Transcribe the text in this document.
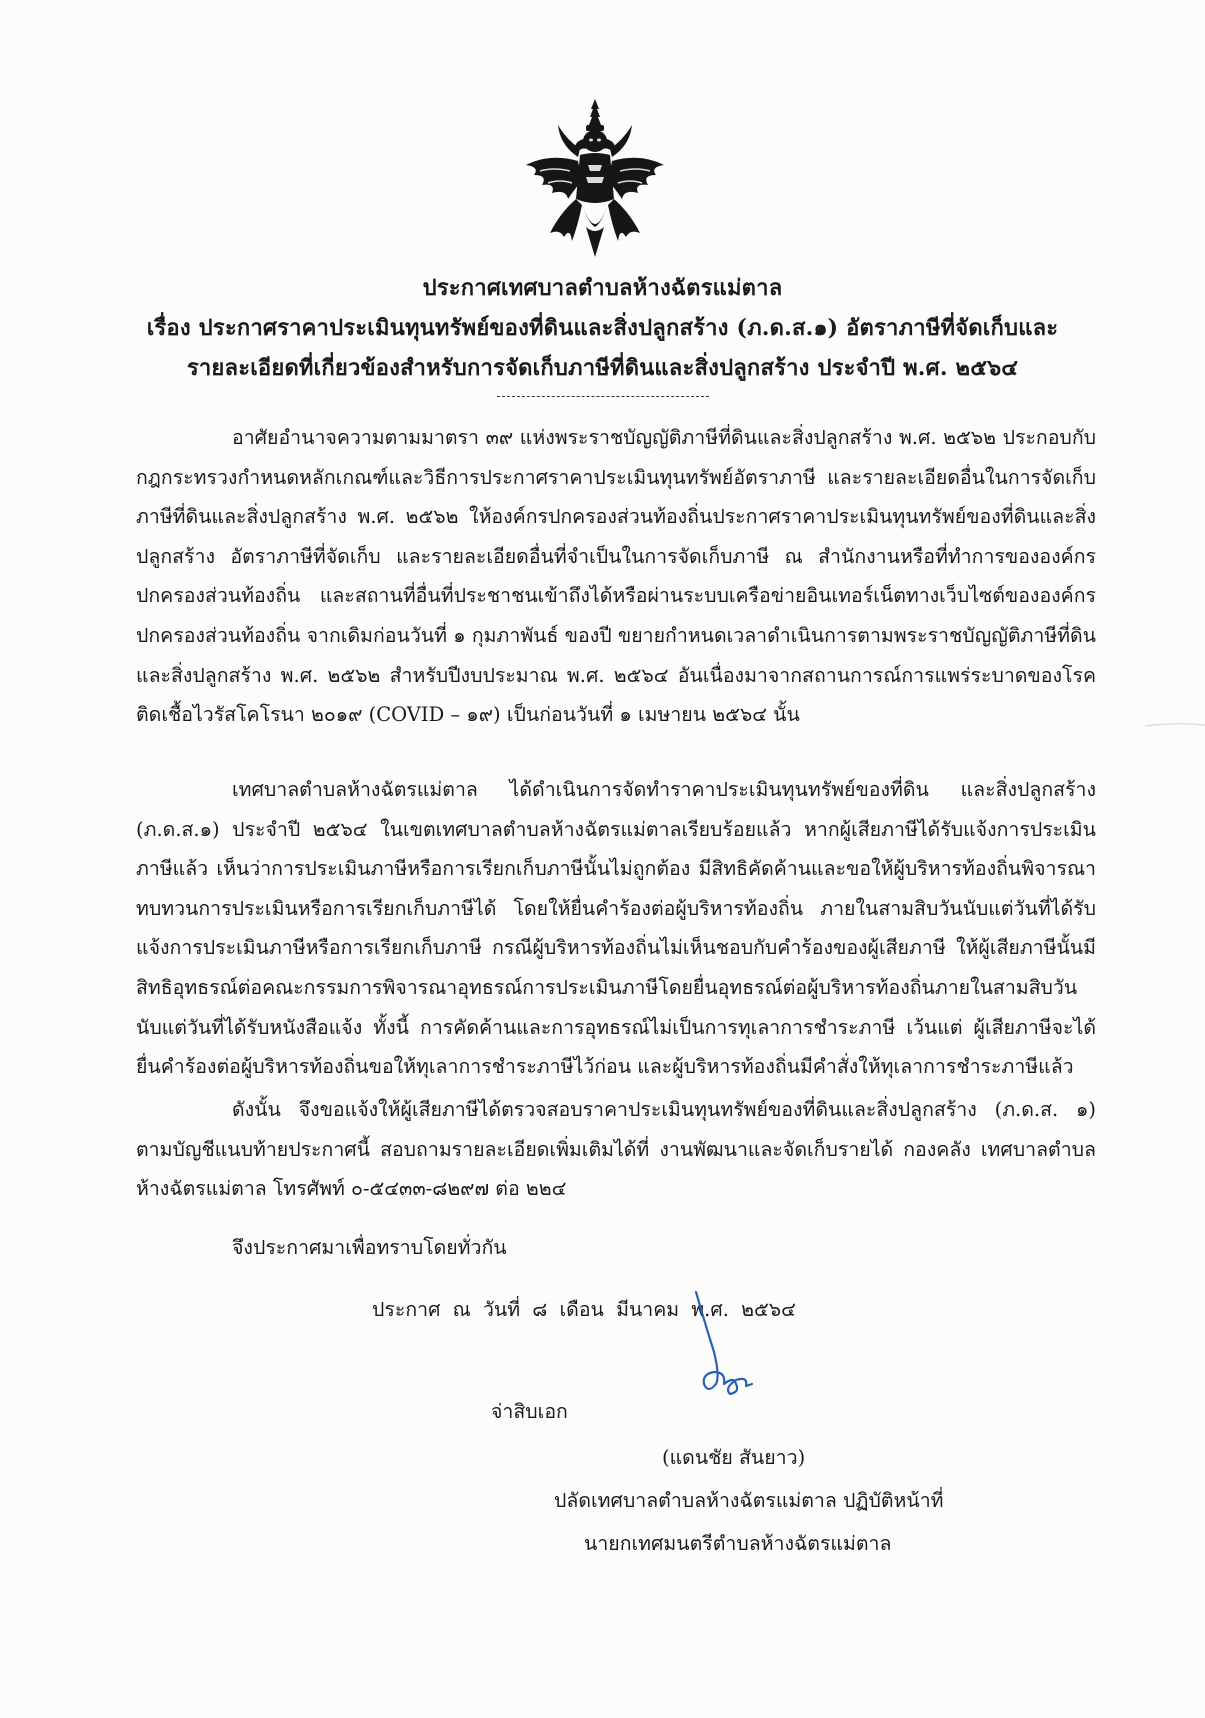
ประกาศเทศบาลตำบลห้างฉัตรแม่ตาล
เรื่อง ประกาศราคาประเมินทุนทรัพย์ของที่ดินและสิ่งปลูกสร้าง (ภ.ด.ส.๑) อัตราภาษีที่จัดเก็บและ
รายละเอียดที่เกี่ยวข้องสำหรับการจัดเก็บภาษีที่ดินและสิ่งปลูกสร้าง ประจำปี พ.ศ. ๒๕๖๔

อาศัยอำนาจความตามมาตรา ๓๙ แห่งพระราชบัญญัติภาษีที่ดินและสิ่งปลูกสร้าง พ.ศ. ๒๕๖๒ ประกอบกับกฎกระทรวงกำหนดหลักเกณฑ์และวิธีการประกาศราคาประเมินทุนทรัพย์อัตราภาษี และรายละเอียดอื่นในการจัดเก็บภาษีที่ดินและสิ่งปลูกสร้าง พ.ศ. ๒๕๖๒ ให้องค์กรปกครองส่วนท้องถิ่นประกาศราคาประเมินทุนทรัพย์ของที่ดินและสิ่งปลูกสร้าง อัตราภาษีที่จัดเก็บ และรายละเอียดอื่นที่จำเป็นในการจัดเก็บภาษี ณ สำนักงานหรือที่ทำการขององค์กรปกครองส่วนท้องถิ่น และสถานที่อื่นที่ประชาชนเข้าถึงได้หรือผ่านระบบเครือข่ายอินเทอร์เน็ตทางเว็บไซต์ขององค์กรปกครองส่วนท้องถิ่น จากเดิมก่อนวันที่ ๑ กุมภาพันธ์ ของปี ขยายกำหนดเวลาดำเนินการตามพระราชบัญญัติภาษีที่ดินและสิ่งปลูกสร้าง พ.ศ. ๒๕๖๒ สำหรับปีงบประมาณ พ.ศ. ๒๕๖๔ อันเนื่องมาจากสถานการณ์การแพร่ระบาดของโรคติดเชื้อไวรัสโคโรนา ๒๐๑๙ (COVID – ๑๙) เป็นก่อนวันที่ ๑ เมษายน ๒๕๖๔ นั้น

เทศบาลตำบลห้างฉัตรแม่ตาล ได้ดำเนินการจัดทำราคาประเมินทุนทรัพย์ของที่ดิน และสิ่งปลูกสร้าง (ภ.ด.ส.๑) ประจำปี ๒๕๖๔ ในเขตเทศบาลตำบลห้างฉัตรแม่ตาลเรียบร้อยแล้ว หากผู้เสียภาษีได้รับแจ้งการประเมินภาษีแล้ว เห็นว่าการประเมินภาษีหรือการเรียกเก็บภาษีนั้นไม่ถูกต้อง มีสิทธิคัดค้านและขอให้ผู้บริหารท้องถิ่นพิจารณาทบทวนการประเมินหรือการเรียกเก็บภาษีได้ โดยให้ยื่นคำร้องต่อผู้บริหารท้องถิ่น ภายในสามสิบวันนับแต่วันที่ได้รับแจ้งการประเมินภาษีหรือการเรียกเก็บภาษี กรณีผู้บริหารท้องถิ่นไม่เห็นชอบกับคำร้องของผู้เสียภาษี ให้ผู้เสียภาษีนั้นมีสิทธิอุทธรณ์ต่อคณะกรรมการพิจารณาอุทธรณ์การประเมินภาษีโดยยื่นอุทธรณ์ต่อผู้บริหารท้องถิ่นภายในสามสิบวัน นับแต่วันที่ได้รับหนังสือแจ้ง ทั้งนี้ การคัดค้านและการอุทธรณ์ไม่เป็นการทุเลาการชำระภาษี เว้นแต่ ผู้เสียภาษีจะได้ยื่นคำร้องต่อผู้บริหารท้องถิ่นขอให้ทุเลาการชำระภาษีไว้ก่อน และผู้บริหารท้องถิ่นมีคำสั่งให้ทุเลาการชำระภาษีแล้ว

ดังนั้น จึงขอแจ้งให้ผู้เสียภาษีได้ตรวจสอบราคาประเมินทุนทรัพย์ของที่ดินและสิ่งปลูกสร้าง (ภ.ด.ส. ๑) ตามบัญชีแนบท้ายประกาศนี้ สอบถามรายละเอียดเพิ่มเติมได้ที่ งานพัฒนาและจัดเก็บรายได้ กองคลัง เทศบาลตำบลห้างฉัตรแม่ตาล โทรศัพท์ ๐-๕๔๓๓-๘๒๙๗ ต่อ ๒๒๔

จึงประกาศมาเพื่อทราบโดยทั่วกัน
ประกาศ ณ วันที่ ๘ เดือน มีนาคม พ.ศ. ๒๕๖๔
จ่าสิบเอก
(แดนชัย สันยาว)
ปลัดเทศบาลตำบลห้างฉัตรแม่ตาล ปฏิบัติหน้าที่
นายกเทศมนตรีตำบลห้างฉัตรแม่ตาล
